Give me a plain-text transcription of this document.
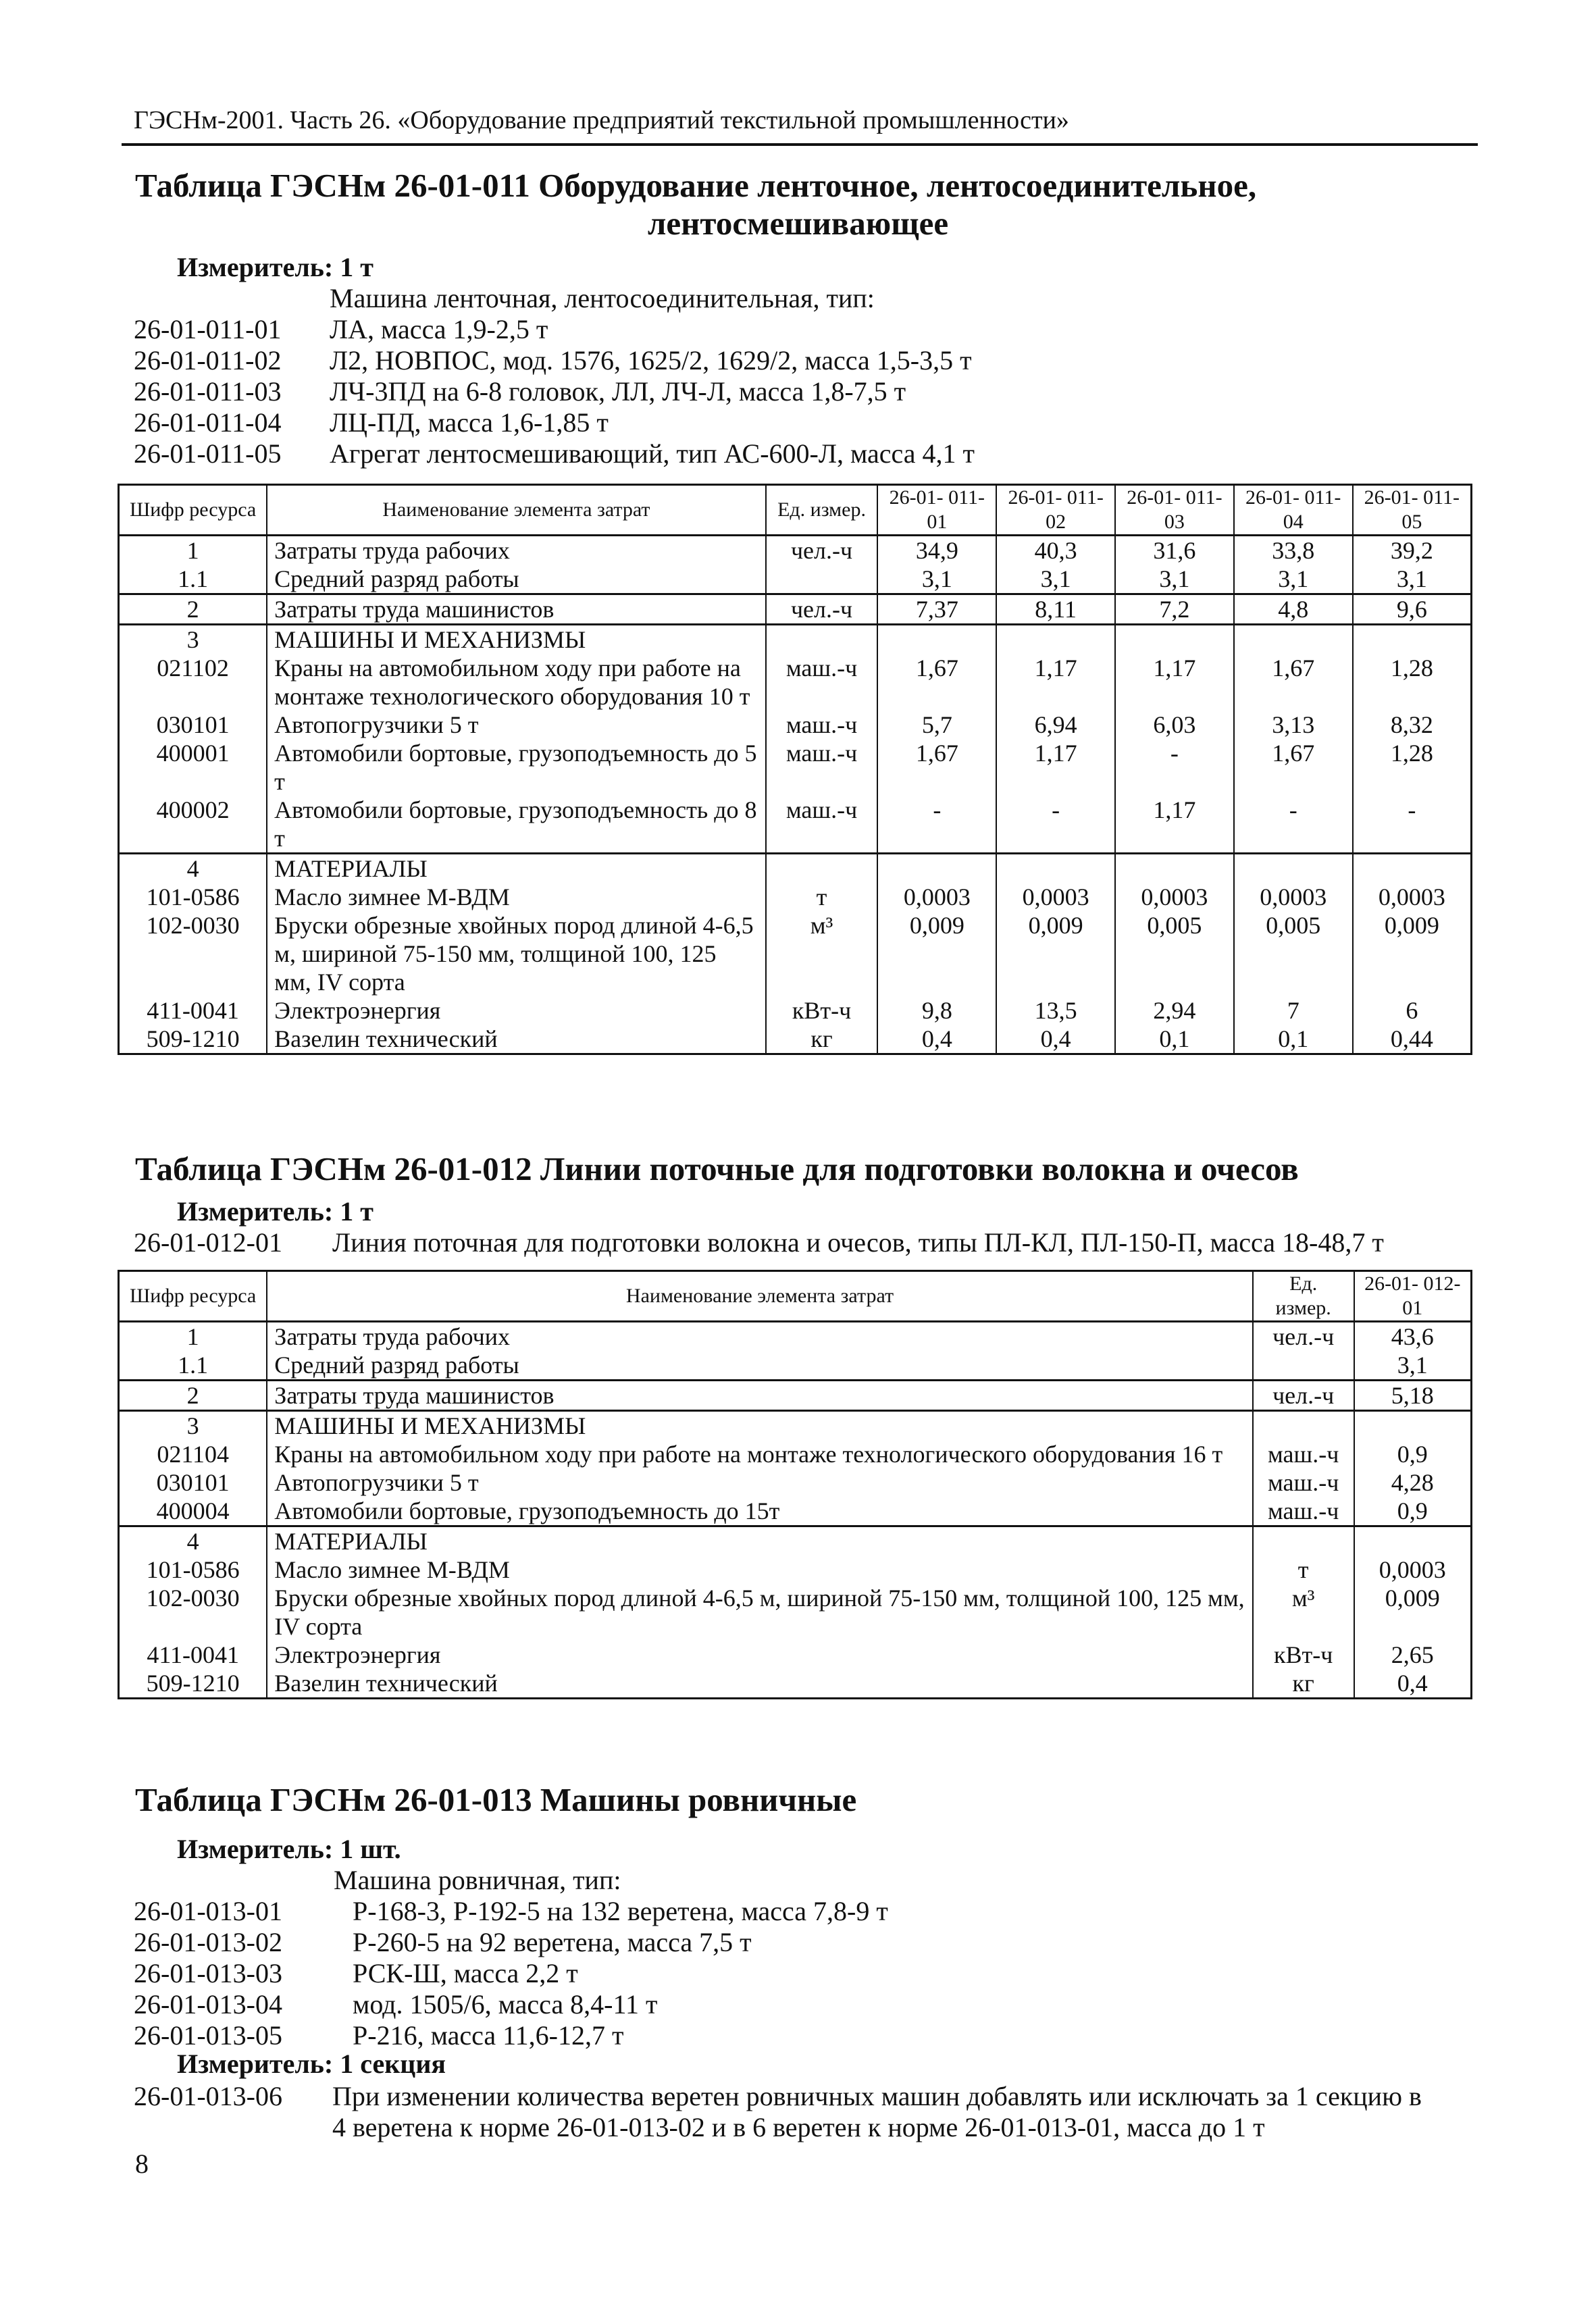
ГЭСНм-2001. Часть 26. «Оборудование предприятий текстильной промышленности»
Таблица ГЭСНм 26-01-011 Оборудование ленточное, лентосоединительное,
лентосмешивающее
Измеритель: 1 т
Машина ленточная, лентосоединительная, тип:
26-01-011-01 ЛА, масса 1,9-2,5 т
26-01-011-02 Л2, НОВПОС, мод. 1576, 1625/2, 1629/2, масса 1,5-3,5 т
26-01-011-03 ЛЧ-3ПД на 6-8 головок, ЛЛ, ЛЧ-Л, масса 1,8-7,5 т
26-01-011-04 ЛЦ-ПД, масса 1,6-1,85 т
26-01-011-05 Агрегат лентосмешивающий, тип АС-600-Л, масса 4,1 т
Шифр ресурса	Наименование элемента затрат	Ед. измер.	26-01- 011-01	26-01- 011-02	26-01- 011-03	26-01- 011-04	26-01- 011-05
1	Затраты труда рабочих	чел.-ч	34,9	40,3	31,6	33,8	39,2
1.1	Средний разряд работы		3,1	3,1	3,1	3,1	3,1
2	Затраты труда машинистов	чел.-ч	7,37	8,11	7,2	4,8	9,6
3	МАШИНЫ И МЕХАНИЗМЫ						
021102	Краны на автомобильном ходу при работе на монтаже технологического оборудования 10 т	маш.-ч	1,67	1,17	1,17	1,67	1,28
030101	Автопогрузчики 5 т	маш.-ч	5,7	6,94	6,03	3,13	8,32
400001	Автомобили бортовые, грузоподъемность до 5 т	маш.-ч	1,67	1,17	-	1,67	1,28
400002	Автомобили бортовые, грузоподъемность до 8 т	маш.-ч	-	-	1,17	-	-
4	МАТЕРИАЛЫ						
101-0586	Масло зимнее М-ВДМ	т	0,0003	0,0003	0,0003	0,0003	0,0003
102-0030	Бруски обрезные хвойных пород длиной 4-6,5 м, шириной 75-150 мм, толщиной 100, 125 мм, IV сорта	м³	0,009	0,009	0,005	0,005	0,009
411-0041	Электроэнергия	кВт-ч	9,8	13,5	2,94	7	6
509-1210	Вазелин технический	кг	0,4	0,4	0,1	0,1	0,44
Таблица ГЭСНм 26-01-012 Линии поточные для подготовки волокна и очесов
Измеритель: 1 т
26-01-012-01 Линия поточная для подготовки волокна и очесов, типы ПЛ-КЛ, ПЛ-150-П, масса 18-48,7 т
Шифр ресурса	Наименование элемента затрат	Ед. измер.	26-01- 012-01
1	Затраты труда рабочих	чел.-ч	43,6
1.1	Средний разряд работы		3,1
2	Затраты труда машинистов	чел.-ч	5,18
3	МАШИНЫ И МЕХАНИЗМЫ		
021104	Краны на автомобильном ходу при работе на монтаже технологического оборудования 16 т	маш.-ч	0,9
030101	Автопогрузчики 5 т	маш.-ч	4,28
400004	Автомобили бортовые, грузоподъемность до 15т	маш.-ч	0,9
4	МАТЕРИАЛЫ		
101-0586	Масло зимнее М-ВДМ	т	0,0003
102-0030	Бруски обрезные хвойных пород длиной 4-6,5 м, шириной 75-150 мм, толщиной 100, 125 мм, IV сорта	м³	0,009
411-0041	Электроэнергия	кВт-ч	2,65
509-1210	Вазелин технический	кг	0,4
Таблица ГЭСНм 26-01-013 Машины ровничные
Измеритель: 1 шт.
Машина ровничная, тип:
26-01-013-01	Р-168-3, Р-192-5 на 132 веретена, масса 7,8-9 т
26-01-013-02	Р-260-5 на 92 веретена, масса 7,5 т
26-01-013-03	РСК-Ш, масса 2,2 т
26-01-013-04	мод. 1505/6, масса 8,4-11 т
26-01-013-05	Р-216, масса 11,6-12,7 т
Измеритель: 1 секция
26-01-013-06 При изменении количества веретен ровничных машин добавлять или исключать за 1 секцию в
4 веретена к норме 26-01-013-02 и в 6 веретен к норме 26-01-013-01, масса до 1 т
8
